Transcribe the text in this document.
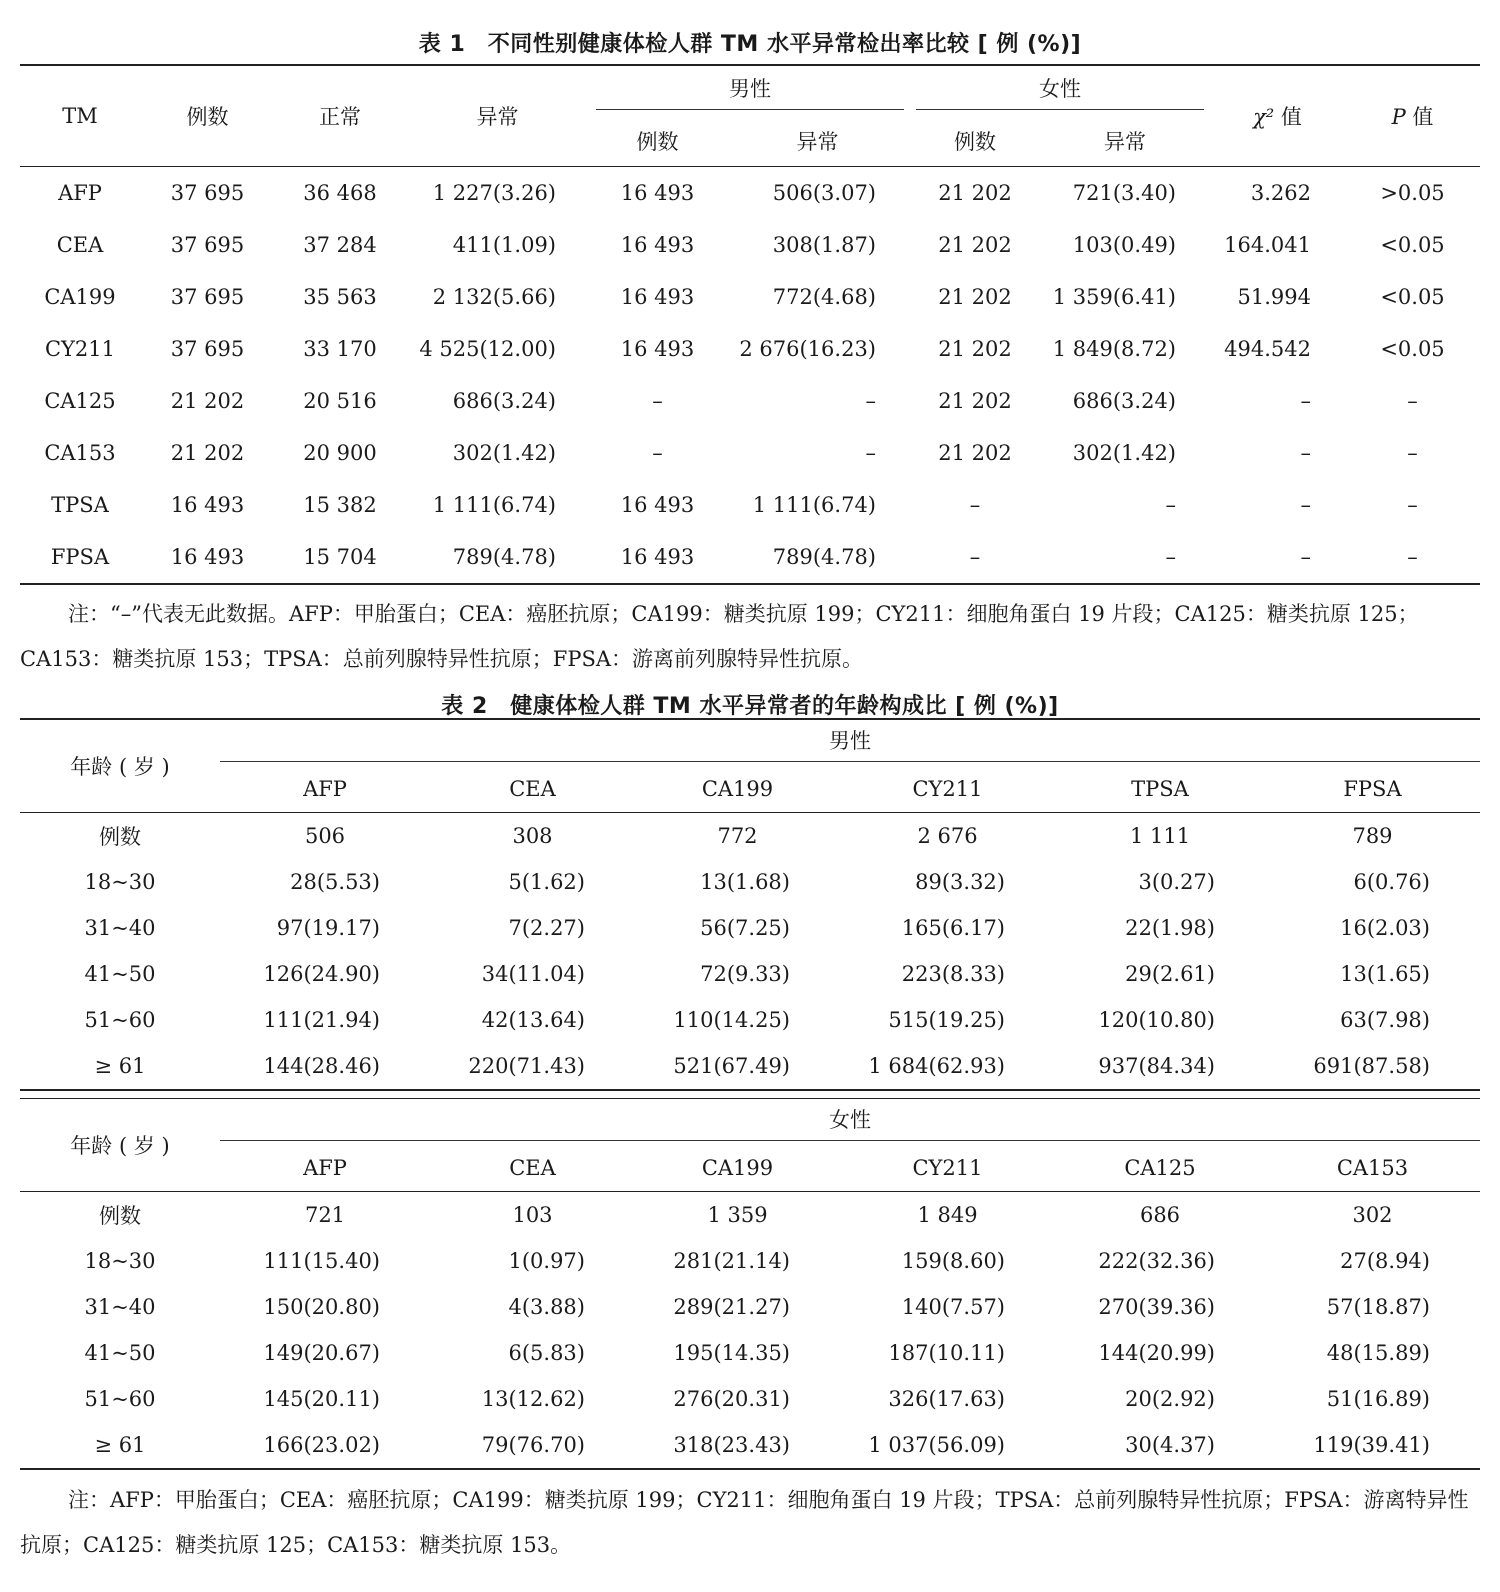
表 1　不同性别健康体检人群 TM 水平异常检出率比较 [ 例 (%)]

TM	例数	正常	异常	男性		女性		χ² 值	P 值
				例数	异常	例数	异常		

AFP	37 695	36 468	1 227(3.26)	16 493	506(3.07)	21 202	721(3.40)	3.262	>0.05
CEA	37 695	37 284	411(1.09)	16 493	308(1.87)	21 202	103(0.49)	164.041	<0.05
CA199	37 695	35 563	2 132(5.66)	16 493	772(4.68)	21 202	1 359(6.41)	51.994	<0.05
CY211	37 695	33 170	4 525(12.00)	16 493	2 676(16.23)	21 202	1 849(8.72)	494.542	<0.05
CA125	21 202	20 516	686(3.24)	–	–	21 202	686(3.24)	–	–
CA153	21 202	20 900	302(1.42)	–	–	21 202	302(1.42)	–	–
TPSA	16 493	15 382	1 111(6.74)	16 493	1 111(6.74)	–	–	–	–
FPSA	16 493	15 704	789(4.78)	16 493	789(4.78)	–	–	–	–

注：“–”代表无此数据。AFP：甲胎蛋白；CEA：癌胚抗原；CA199：糖类抗原 199；CY211：细胞角蛋白 19 片段；CA125：糖类抗原 125；CA153：糖类抗原 153；TPSA：总前列腺特异性抗原；FPSA：游离前列腺特异性抗原。

表 2　健康体检人群 TM 水平异常者的年龄构成比 [ 例 (%)]

年龄 ( 岁 )	男性					

	AFP	CEA	CA199	CY211	TPSA	FPSA

例数	506	308	772	2 676	1 111	789
18~30	28(5.53)	5(1.62)	13(1.68)	89(3.32)	3(0.27)	6(0.76)
31~40	97(19.17)	7(2.27)	56(7.25)	165(6.17)	22(1.98)	16(2.03)
41~50	126(24.90)	34(11.04)	72(9.33)	223(8.33)	29(2.61)	13(1.65)
51~60	111(21.94)	42(13.64)	110(14.25)	515(19.25)	120(10.80)	63(7.98)
≥ 61	144(28.46)	220(71.43)	521(67.49)	1 684(62.93)	937(84.34)	691(87.58)

年龄 ( 岁 )	女性					

	AFP	CEA	CA199	CY211	CA125	CA153

例数	721	103	1 359	1 849	686	302
18~30	111(15.40)	1(0.97)	281(21.14)	159(8.60)	222(32.36)	27(8.94)
31~40	150(20.80)	4(3.88)	289(21.27)	140(7.57)	270(39.36)	57(18.87)
41~50	149(20.67)	6(5.83)	195(14.35)	187(10.11)	144(20.99)	48(15.89)
51~60	145(20.11)	13(12.62)	276(20.31)	326(17.63)	20(2.92)	51(16.89)
≥ 61	166(23.02)	79(76.70)	318(23.43)	1 037(56.09)	30(4.37)	119(39.41)

注：AFP：甲胎蛋白；CEA：癌胚抗原；CA199：糖类抗原 199；CY211：细胞角蛋白 19 片段；TPSA：总前列腺特异性抗原；FPSA：游离特异性抗原；CA125：糖类抗原 125；CA153：糖类抗原 153。
